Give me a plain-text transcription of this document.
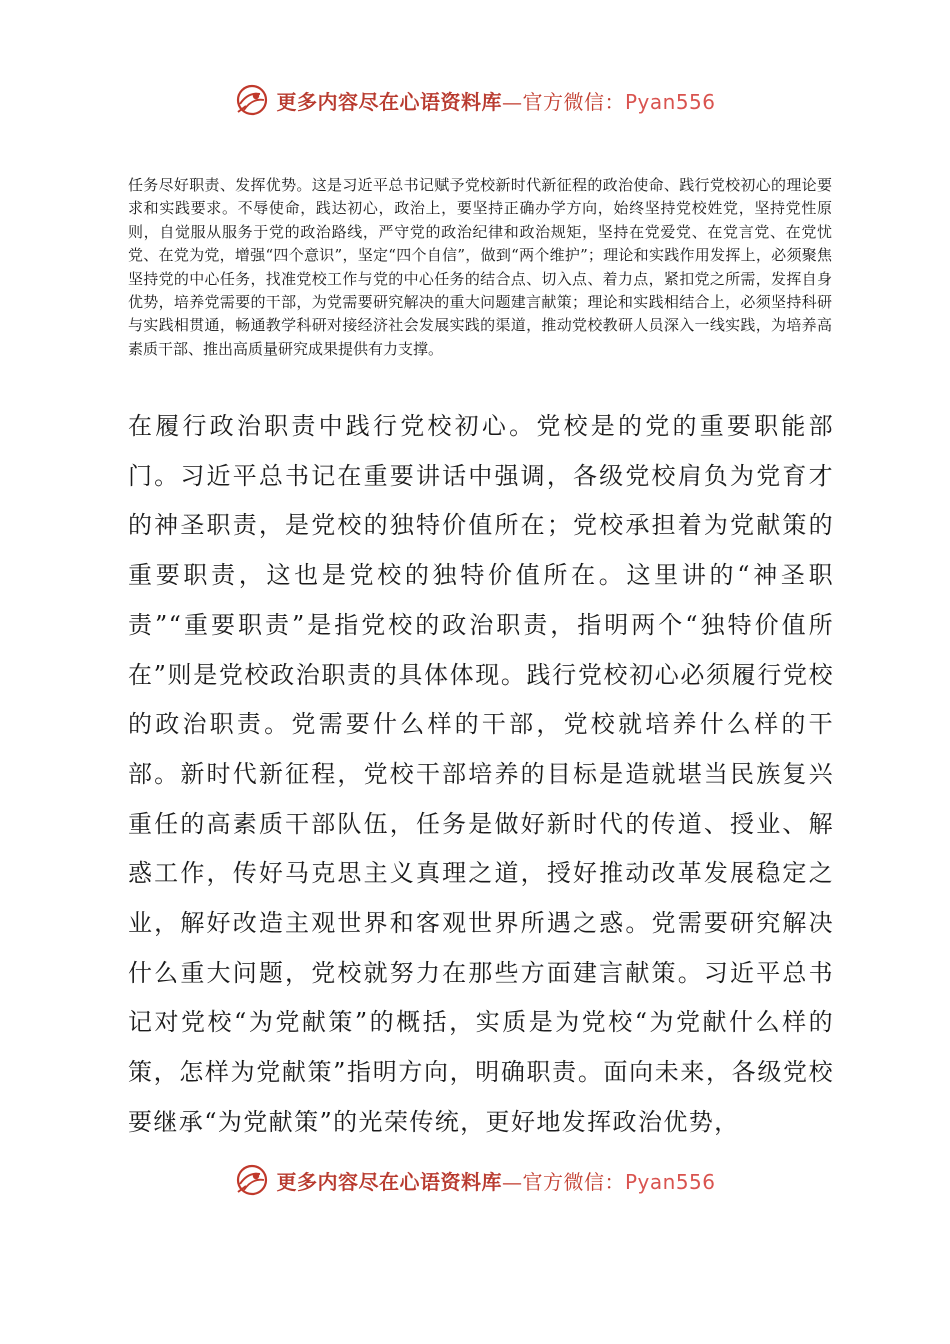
更多内容尽在心语资料库—官方微信：Pyan556

任务尽好职责、发挥优势。这是习近平总书记赋予党校新时代新征程的政治使命、践行党校初心的理论要求和实践要求。不辱使命，践达初心，政治上，要坚持正确办学方向，始终坚持党校姓党，坚持党性原则，自觉服从服务于党的政治路线，严守党的政治纪律和政治规矩，坚持在党爱党、在党言党、在党忧党、在党为党，增强“四个意识”，坚定“四个自信”，做到“两个维护”；理论和实践作用发挥上，必须聚焦坚持党的中心任务，找准党校工作与党的中心任务的结合点、切入点、着力点，紧扣党之所需，发挥自身优势，培养党需要的干部，为党需要研究解决的重大问题建言献策；理论和实践相结合上，必须坚持科研与实践相贯通，畅通教学科研对接经济社会发展实践的渠道，推动党校教研人员深入一线实践，为培养高素质干部、推出高质量研究成果提供有力支撑。

在履行政治职责中践行党校初心。党校是的党的重要职能部门。习近平总书记在重要讲话中强调，各级党校肩负为党育才的神圣职责，是党校的独特价值所在；党校承担着为党献策的重要职责，这也是党校的独特价值所在。这里讲的“神圣职责”“重要职责”是指党校的政治职责，指明两个“独特价值所在”则是党校政治职责的具体体现。践行党校初心必须履行党校的政治职责。党需要什么样的干部，党校就培养什么样的干部。新时代新征程，党校干部培养的目标是造就堪当民族复兴重任的高素质干部队伍，任务是做好新时代的传道、授业、解惑工作，传好马克思主义真理之道，授好推动改革发展稳定之业，解好改造主观世界和客观世界所遇之惑。党需要研究解决什么重大问题，党校就努力在那些方面建言献策。习近平总书记对党校“为党献策”的概括，实质是为党校“为党献什么样的策，怎样为党献策”指明方向，明确职责。面向未来，各级党校要继承“为党献策”的光荣传统，更好地发挥政治优势，

更多内容尽在心语资料库—官方微信：Pyan556
